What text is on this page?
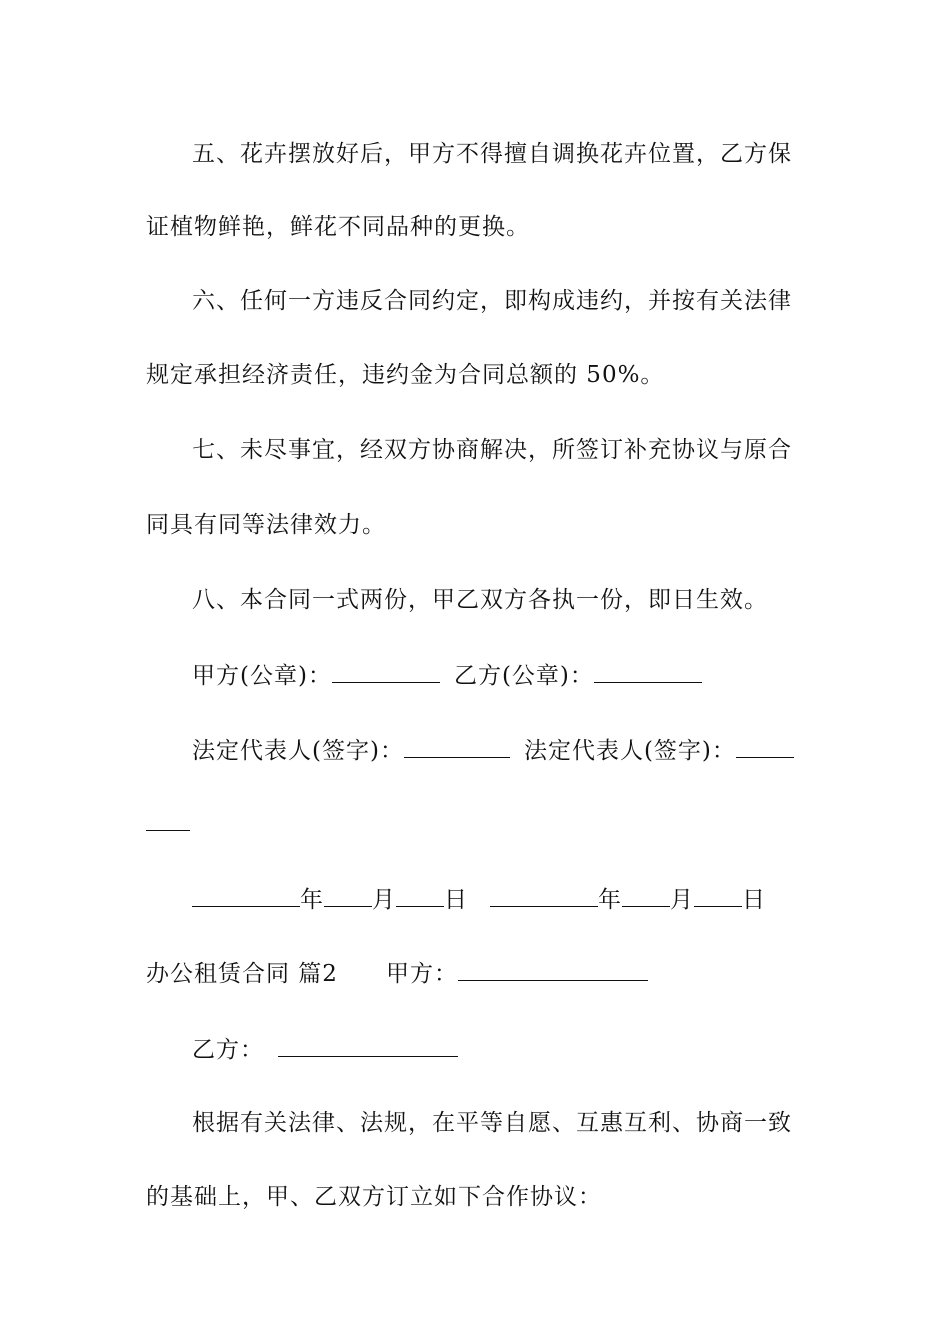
五、花卉摆放好后，甲方不得擅自调换花卉位置，乙方保
证植物鲜艳，鲜花不同品种的更换。
六、任何一方违反合同约定，即构成违约，并按有关法律
规定承担经济责任，违约金为合同总额的 50%。
七、未尽事宜，经双方协商解决，所签订补充协议与原合
同具有同等法律效力。
八、本合同一式两份，甲乙双方各执一份，即日生效。
甲方(公章)：	乙方(公章)：
法定代表人(签字)：	法定代表人(签字)：
年 月 日	年 月 日
办公租赁合同 篇2 甲方：
乙方：
根据有关法律、法规，在平等自愿、互惠互利、协商一致
的基础上，甲、乙双方订立如下合作协议：
